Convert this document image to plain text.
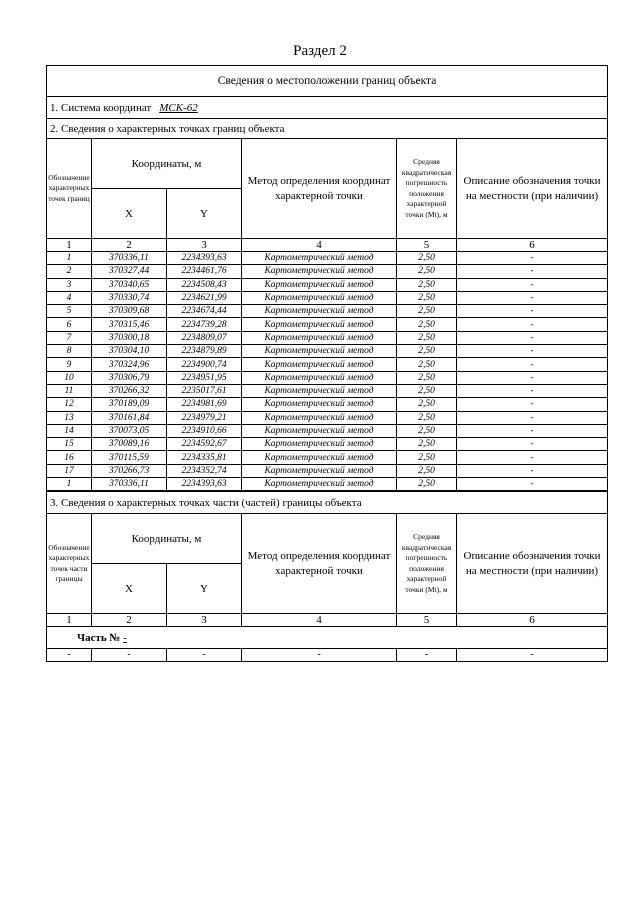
Раздел 2
Сведения о местоположении границ объекта					
1. Система координат МСК-62					
2. Сведения о характерных точках границ объекта					
Обозначение характерных точек границ	Координаты, м		Метод определения координат характерной точки	Средняя квадратическая погрешность положения характерной точки (Mt), м	Описание обозначения точки на местности (при наличии)
	X	Y			
1	2	3	4	5	6
1	370336,11	2234393,63	Картометрический метод	2,50	-
2	370327,44	2234461,76	Картометрический метод	2,50	-
3	370340,65	2234508,43	Картометрический метод	2,50	-
4	370330,74	2234621,99	Картометрический метод	2,50	-
5	370309,68	2234674,44	Картометрический метод	2,50	-
6	370315,46	2234739,28	Картометрический метод	2,50	-
7	370300,18	2234809,07	Картометрический метод	2,50	-
8	370304,10	2234879,89	Картометрический метод	2,50	-
9	370324,96	2234900,74	Картометрический метод	2,50	-
10	370306,79	2234951,95	Картометрический метод	2,50	-
11	370266,32	2235017,61	Картометрический метод	2,50	-
12	370189,09	2234981,69	Картометрический метод	2,50	-
13	370161,84	2234979,21	Картометрический метод	2,50	-
14	370073,05	2234910,66	Картометрический метод	2,50	-
15	370089,16	2234592,67	Картометрический метод	2,50	-
16	370115,59	2234335,81	Картометрический метод	2,50	-
17	370266,73	2234352,74	Картометрический метод	2,50	-
1	370336,11	2234393,63	Картометрический метод	2,50	-
3. Сведения о характерных точках части (частей) границы объекта					
Обозначение характерных точек части границы	Координаты, м		Метод определения координат характерной точки	Средняя квадратическая погрешность положения характерной точки (Mt), м	Описание обозначения точки на местности (при наличии)
	X	Y			
1	2	3	4	5	6
Часть № -					
-	-	-	-	-	-
